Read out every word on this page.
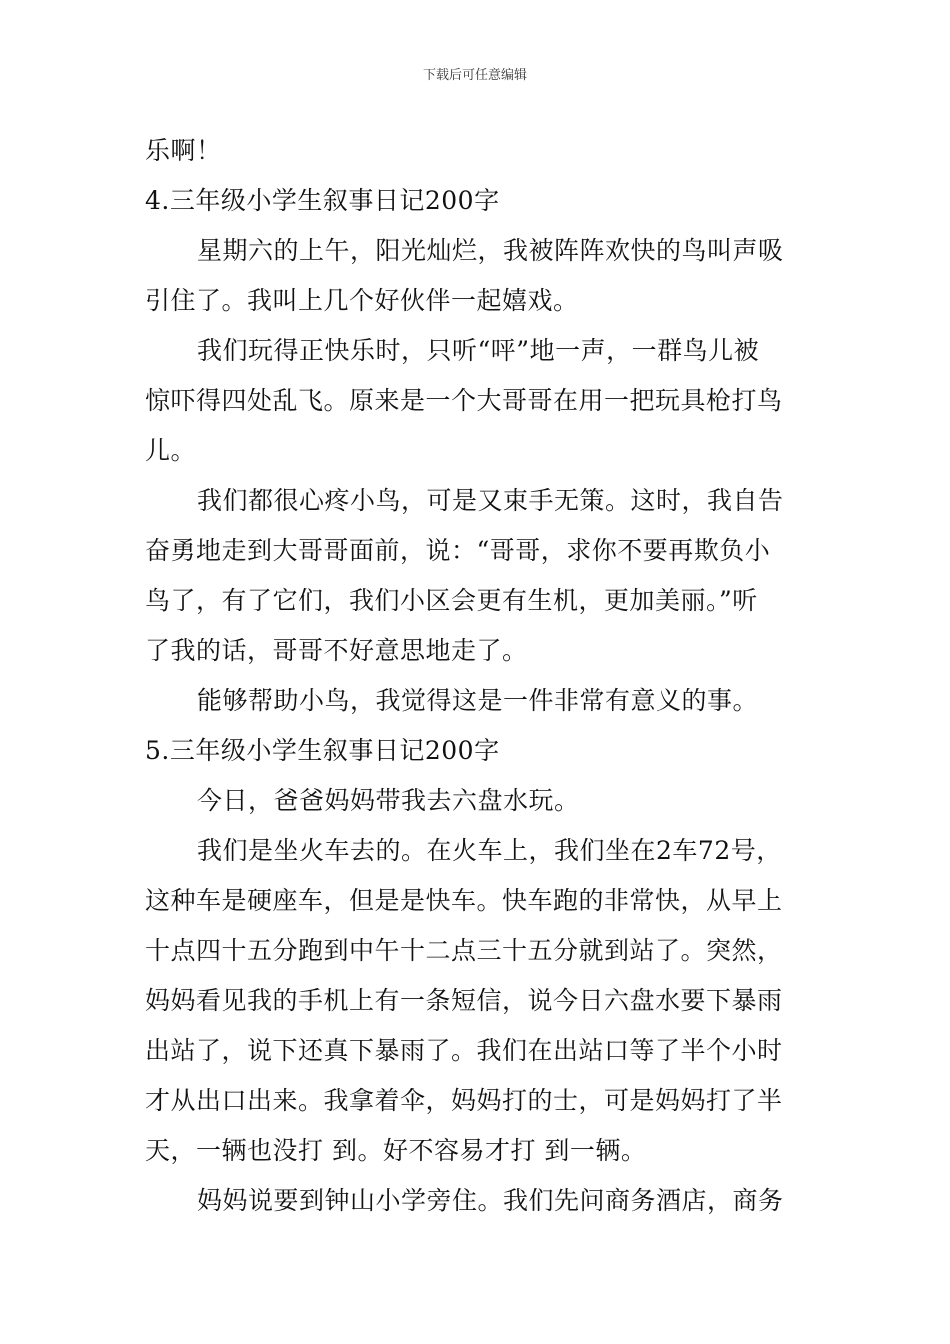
下载后可任意编辑
乐啊！
4.三年级小学生叙事日记200字
星期六的上午，阳光灿烂，我被阵阵欢快的鸟叫声吸
引住了。我叫上几个好伙伴一起嬉戏。
我们玩得正快乐时，只听“呯”地一声，一群鸟儿被
惊吓得四处乱飞。原来是一个大哥哥在用一把玩具枪打鸟
儿。
我们都很心疼小鸟，可是又束手无策。这时，我自告
奋勇地走到大哥哥面前，说：“哥哥，求你不要再欺负小
鸟了，有了它们，我们小区会更有生机，更加美丽。”听
了我的话，哥哥不好意思地走了。
能够帮助小鸟，我觉得这是一件非常有意义的事。
5.三年级小学生叙事日记200字
今日，爸爸妈妈带我去六盘水玩。
我们是坐火车去的。在火车上，我们坐在2车72号，
这种车是硬座车，但是是快车。快车跑的非常快，从早上
十点四十五分跑到中午十二点三十五分就到站了。突然，
妈妈看见我的手机上有一条短信，说今日六盘水要下暴雨
出站了，说下还真下暴雨了。我们在出站口等了半个小时
才从出口出来。我拿着伞，妈妈打的士，可是妈妈打了半
天，一辆也没打 到。好不容易才打 到一辆。
妈妈说要到钟山小学旁住。我们先问商务酒店，商务
